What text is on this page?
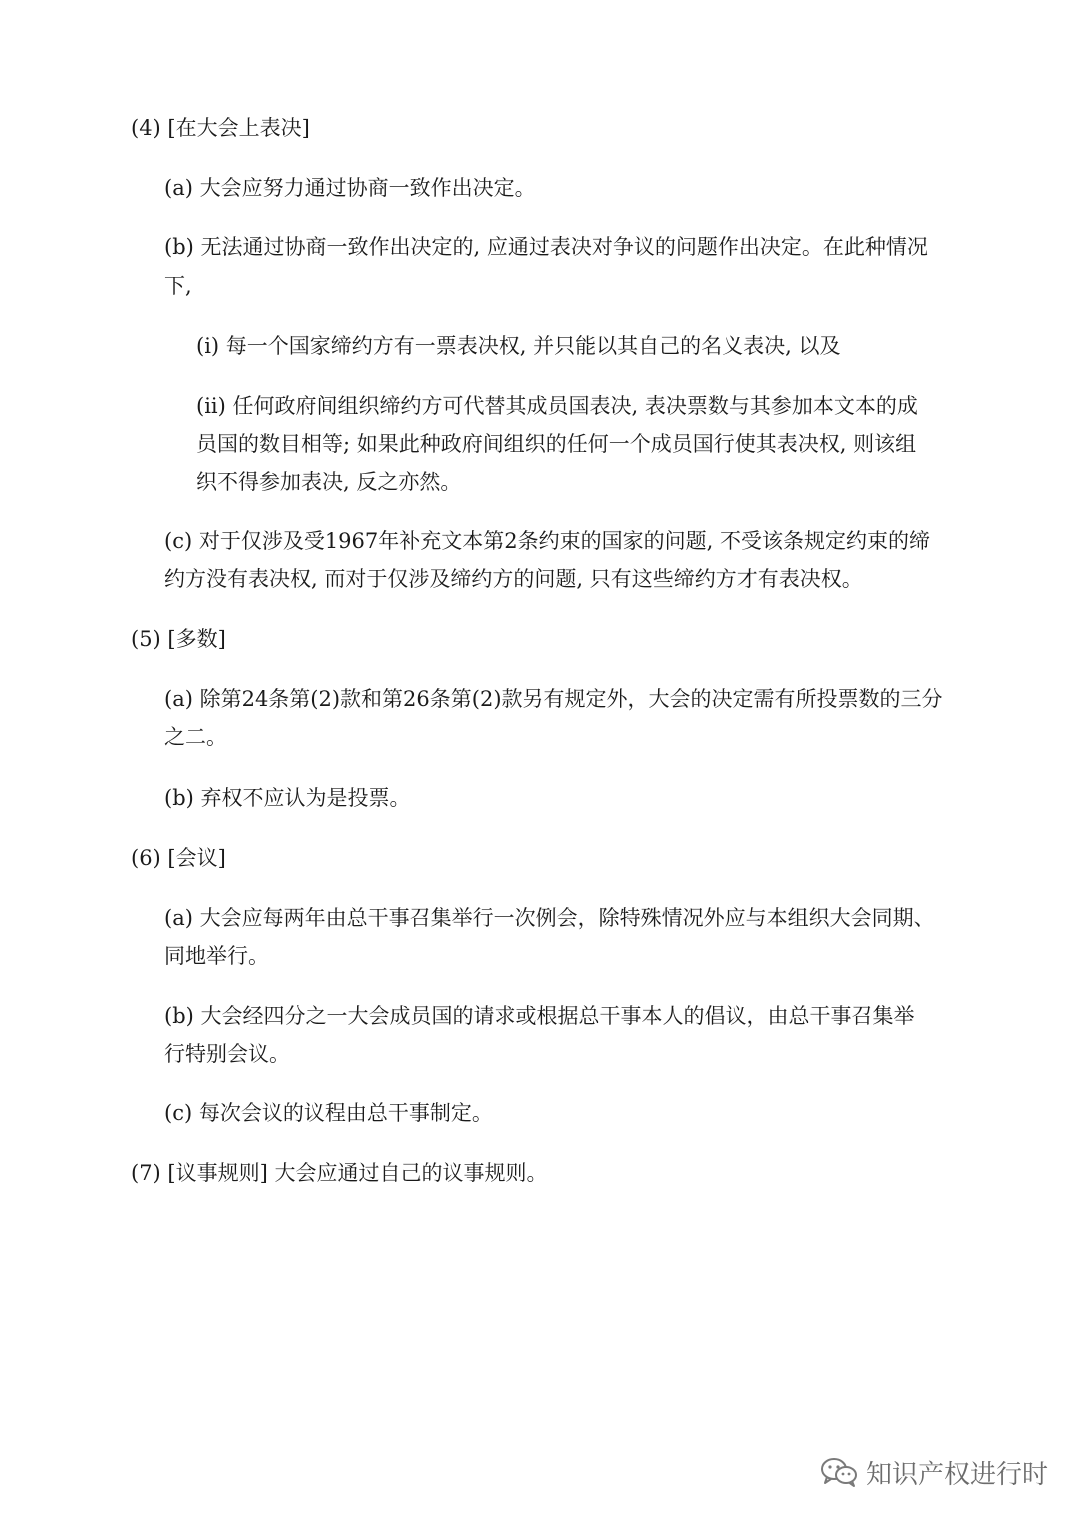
(4) [在大会上表决]
(a) 大会应努力通过协商一致作出决定。
(b) 无法通过协商一致作出决定的, 应通过表决对争议的问题作出决定。在此种情况
下,
(i) 每一个国家缔约方有一票表决权, 并只能以其自己的名义表决, 以及
(ii) 任何政府间组织缔约方可代替其成员国表决, 表决票数与其参加本文本的成
员国的数目相等; 如果此种政府间组织的任何一个成员国行使其表决权, 则该组
织不得参加表决, 反之亦然。
(c) 对于仅涉及受1967年补充文本第2条约束的国家的问题, 不受该条规定约束的缔
约方没有表决权, 而对于仅涉及缔约方的问题, 只有这些缔约方才有表决权。
(5) [多数]
(a) 除第24条第(2)款和第26条第(2)款另有规定外，大会的决定需有所投票数的三分
之二。
(b) 弃权不应认为是投票。
(6) [会议]
(a) 大会应每两年由总干事召集举行一次例会，除特殊情况外应与本组织大会同期、
同地举行。
(b) 大会经四分之一大会成员国的请求或根据总干事本人的倡议，由总干事召集举
行特别会议。
(c) 每次会议的议程由总干事制定。
(7) [议事规则] 大会应通过自己的议事规则。
知识产权进行时
